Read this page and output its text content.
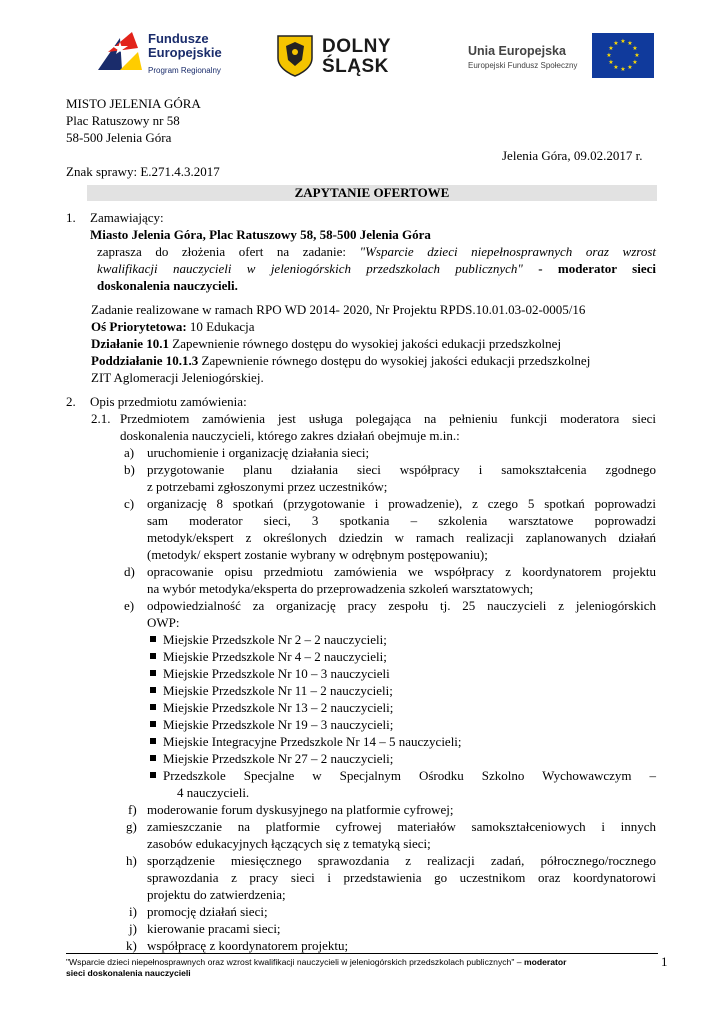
Fundusze
Europejskie
Program Regionalny
DOLNY
ŚLĄSK
Unia Europejska
Europejski Fundusz Społeczny
★ ★
★
★
★
★
★
★
★
★
★
★
MISTO JELENIA GÓRA
Plac Ratuszowy nr 58
58-500 Jelenia Góra
Jelenia Góra, 09.02.2017 r.
Znak sprawy: E.271.4.3.2017
ZAPYTANIE OFERTOWE
1. Zamawiający:
Miasto Jelenia Góra, Plac Ratuszowy 58, 58-500 Jelenia Góra
zaprasza do złożenia ofert na zadanie: "Wsparcie dzieci niepełnosprawnych oraz wzrost
kwalifikacji nauczycieli w jeleniogórskich przedszkolach publicznych" - moderator sieci
doskonalenia nauczycieli.
Zadanie realizowane w ramach RPO WD 2014- 2020, Nr Projektu RPDS.10.01.03-02-0005/16
Oś Priorytetowa: 10 Edukacja
Działanie 10.1 Zapewnienie równego dostępu do wysokiej jakości edukacji przedszkolnej
Poddziałanie 10.1.3 Zapewnienie równego dostępu do wysokiej jakości edukacji przedszkolnej
ZIT Aglomeracji Jeleniogórskiej.
2. Opis przedmiotu zamówienia:
2.1. Przedmiotem zamówienia jest usługa polegająca na pełnieniu funkcji moderatora sieci
doskonalenia nauczycieli, którego zakres działań obejmuje m.in.:
a) uruchomienie i organizację działania sieci;
b) przygotowanie planu działania sieci współpracy i samokształcenia zgodnego
z potrzebami zgłoszonymi przez uczestników;
c) organizację 8 spotkań (przygotowanie i prowadzenie), z czego 5 spotkań poprowadzi
sam moderator sieci, 3 spotkania – szkolenia warsztatowe poprowadzi
metodyk/ekspert z określonych dziedzin w ramach realizacji zaplanowanych działań
(metodyk/ ekspert zostanie wybrany w odrębnym postępowaniu);
d) opracowanie opisu przedmiotu zamówienia we współpracy z koordynatorem projektu
na wybór metodyka/eksperta do przeprowadzenia szkoleń warsztatowych;
e) odpowiedzialność za organizację pracy zespołu tj. 25 nauczycieli z jeleniogórskich
OWP:
Miejskie Przedszkole Nr 2 – 2 nauczycieli;
Miejskie Przedszkole Nr 4 – 2 nauczycieli;
Miejskie Przedszkole Nr 10 – 3 nauczycieli
Miejskie Przedszkole Nr 11 – 2 nauczycieli;
Miejskie Przedszkole Nr 13 – 2 nauczycieli;
Miejskie Przedszkole Nr 19 – 3 nauczycieli;
Miejskie Integracyjne Przedszkole Nr 14 – 5 nauczycieli;
Miejskie Przedszkole Nr 27 – 2 nauczycieli;
Przedszkole Specjalne w Specjalnym Ośrodku Szkolno Wychowawczym –
4 nauczycieli.
f) moderowanie forum dyskusyjnego na platformie cyfrowej;
g) zamieszczanie na platformie cyfrowej materiałów samokształceniowych i innych
zasobów edukacyjnych łączących się z tematyką sieci;
h) sporządzenie miesięcznego sprawozdania z realizacji zadań, półrocznego/rocznego
sprawozdania z pracy sieci i przedstawienia go uczestnikom oraz koordynatorowi
projektu do zatwierdzenia;
i) promocję działań sieci;
j) kierowanie pracami sieci;
k) współpracę z koordynatorem projektu;
"Wsparcie dzieci niepełnosprawnych oraz wzrost kwalifikacji nauczycieli w jeleniogórskich przedszkolach publicznych" – moderator
sieci doskonalenia nauczycieli
1
